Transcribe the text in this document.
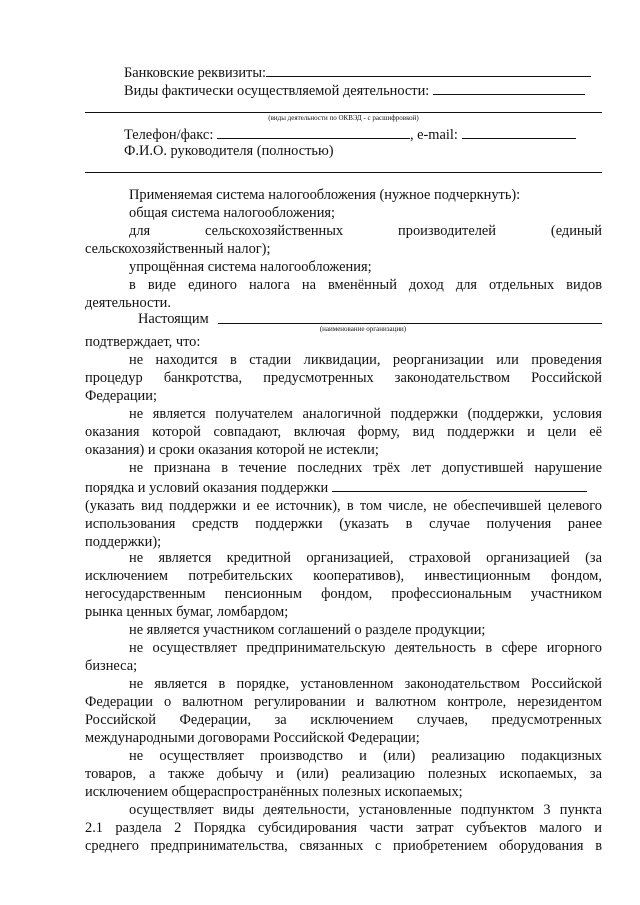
Банковские реквизиты:
Виды фактически осуществляемой деятельности:
(виды деятельности по ОКВЭД - с расшифровкой)
Телефон/факс:	, e-mail:
Ф.И.О. руководителя (полностью)
Применяемая система налогообложения (нужное подчеркнуть):
общая система налогообложения;
для	сельскохозяйственных	производителей	(единый
сельскохозяйственный налог);
упрощённая система налогообложения;
в виде единого налога на вменённый доход для отдельных видов
деятельности.
Настоящим
(наименование организации)
подтверждает, что:
не находится в стадии ликвидации, реорганизации или проведения
процедур банкротства, предусмотренных законодательством Российской
Федерации;
не является получателем аналогичной поддержки (поддержки, условия
оказания которой совпадают, включая форму, вид поддержки и цели её
оказания) и сроки оказания которой не истекли;
не признана в течение последних трёх лет допустившей нарушение
порядка и условий оказания поддержки
(указать вид поддержки и ее источник), в том числе, не обеспечившей целевого
использования средств поддержки (указать в случае получения ранее
поддержки);
не является кредитной организацией, страховой организацией (за
исключением потребительских кооперативов), инвестиционным фондом,
негосударственным пенсионным фондом, профессиональным участником
рынка ценных бумаг, ломбардом;
не является участником соглашений о разделе продукции;
не осуществляет предпринимательскую деятельность в сфере игорного
бизнеса;
не является в порядке, установленном законодательством Российской
Федерации о валютном регулировании и валютном контроле, нерезидентом
Российской Федерации, за исключением случаев, предусмотренных
международными договорами Российской Федерации;
не осуществляет производство и (или) реализацию подакцизных
товаров, а также добычу и (или) реализацию полезных ископаемых, за
исключением общераспространённых полезных ископаемых;
осуществляет виды деятельности, установленные подпунктом 3 пункта
2.1 раздела 2 Порядка субсидирования части затрат субъектов малого и
среднего предпринимательства, связанных с приобретением оборудования в
